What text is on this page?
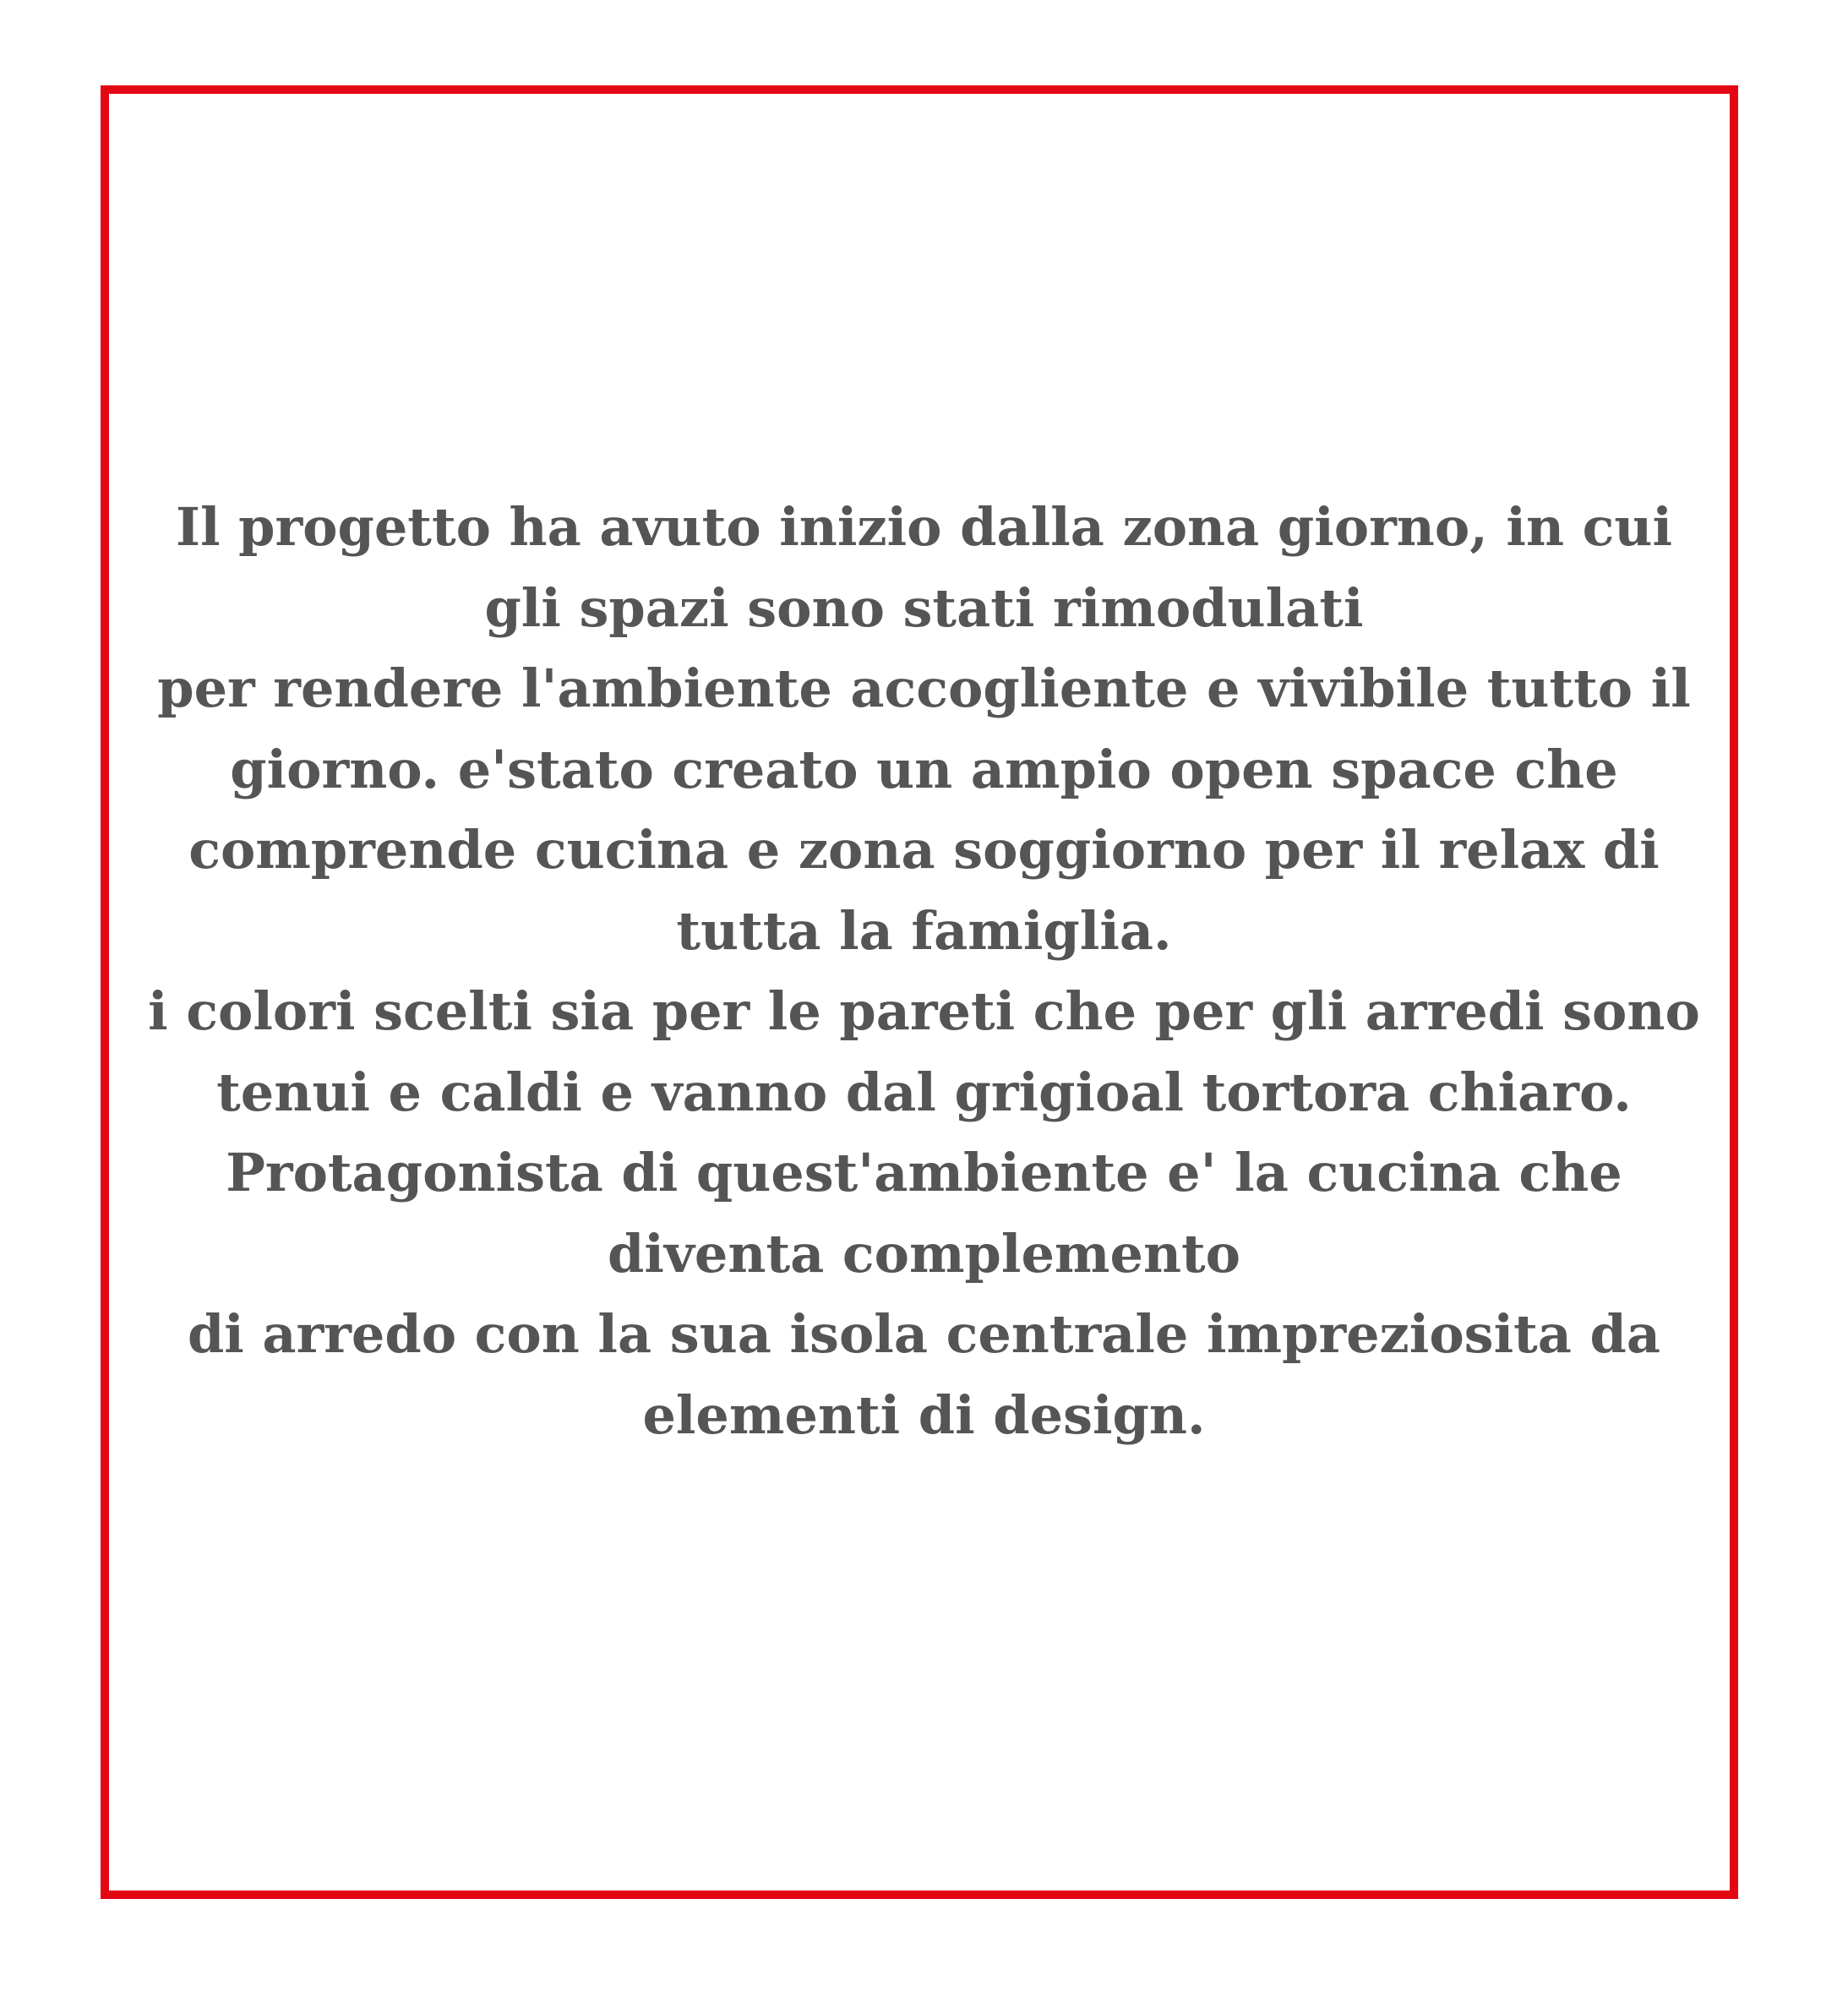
Il progetto ha avuto inizio dalla zona giorno, in cui
gli spazi sono stati rimodulati

per rendere l'ambiente accogliente e vivibile tutto il
giorno. e'stato creato un ampio open space che
comprende cucina e zona soggiorno per il relax di
tutta la famiglia.

i colori scelti sia per le pareti che per gli arredi sono
tenui e caldi e vanno dal grigioal tortora chiaro.
Protagonista di quest'ambiente e' la cucina che
diventa complemento

di arredo con la sua isola centrale impreziosita da
elementi di design.
